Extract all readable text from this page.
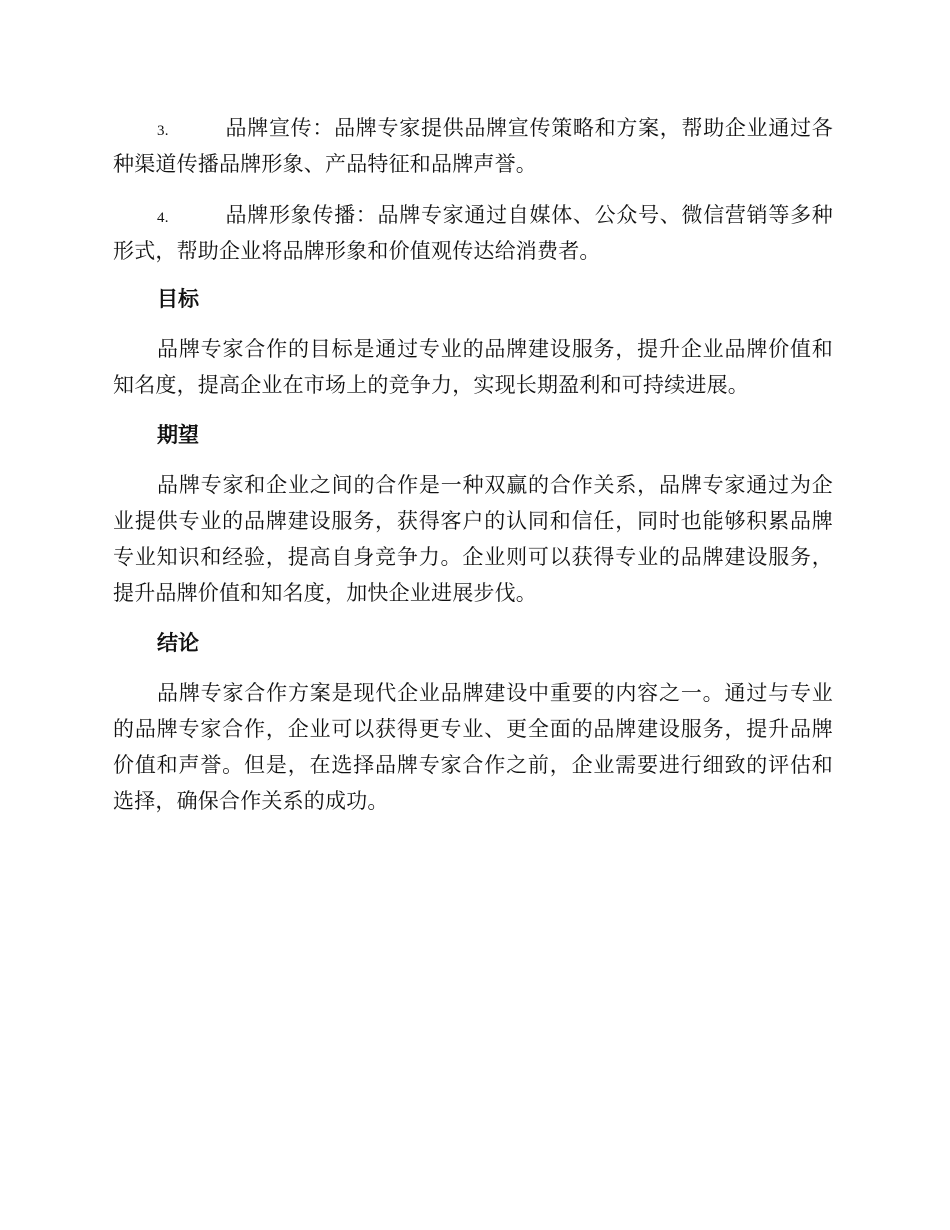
3.	品牌宣传：品牌专家提供品牌宣传策略和方案，帮助企业通过各种渠道传播品牌形象、产品特征和品牌声誉。

4.	品牌形象传播：品牌专家通过自媒体、公众号、微信营销等多种形式，帮助企业将品牌形象和价值观传达给消费者。

目标

品牌专家合作的目标是通过专业的品牌建设服务，提升企业品牌价值和知名度，提高企业在市场上的竞争力，实现长期盈利和可持续进展。

期望

品牌专家和企业之间的合作是一种双赢的合作关系，品牌专家通过为企业提供专业的品牌建设服务，获得客户的认同和信任，同时也能够积累品牌专业知识和经验，提高自身竞争力。企业则可以获得专业的品牌建设服务，提升品牌价值和知名度，加快企业进展步伐。

结论

品牌专家合作方案是现代企业品牌建设中重要的内容之一。通过与专业的品牌专家合作，企业可以获得更专业、更全面的品牌建设服务，提升品牌价值和声誉。但是，在选择品牌专家合作之前，企业需要进行细致的评估和选择，确保合作关系的成功。
